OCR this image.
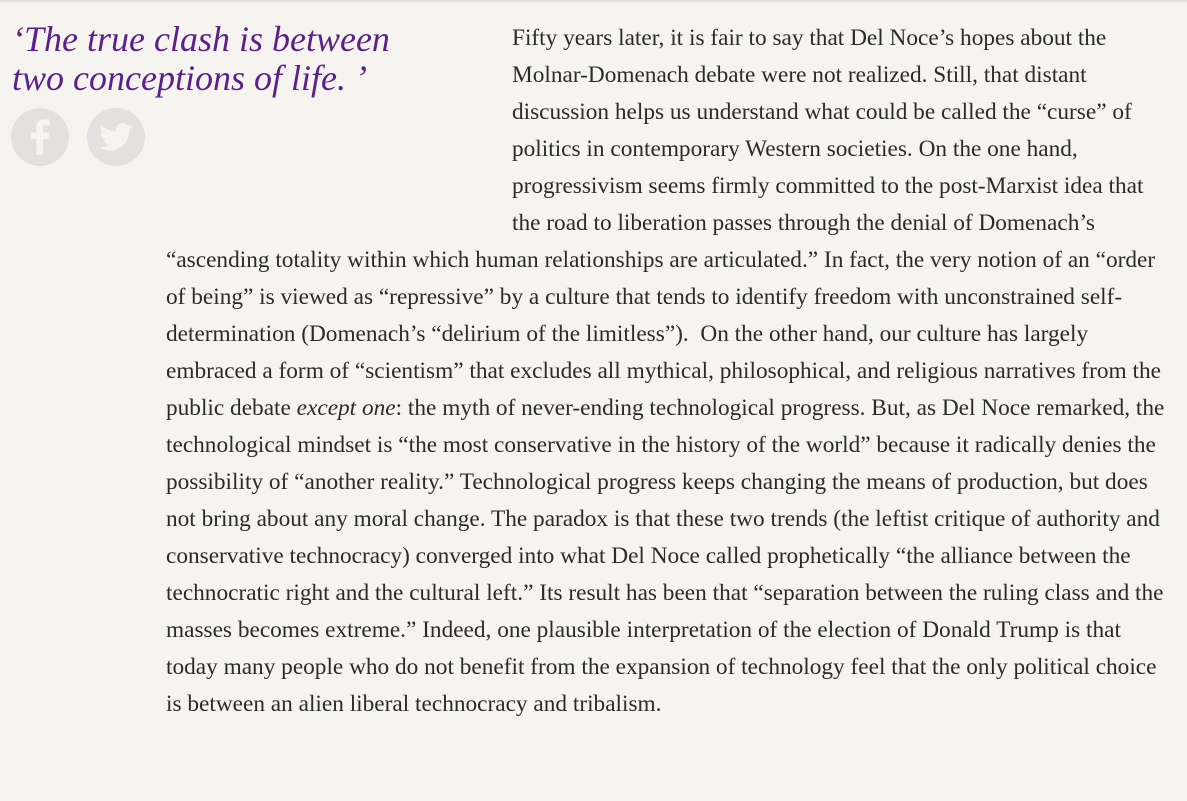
‘The true clash is between
two conceptions of life. ’
Fifty years later, it is fair to say that Del Noce’s hopes about the Molnar-Domenach debate were not realized. Still, that distant discussion helps us understand what could be called the “curse” of politics in contemporary Western societies. On the one hand, progressivism seems firmly committed to the post-Marxist idea that the road to liberation passes through the denial of Domenach’s “ascending totality within which human relationships are articulated.” In fact, the very notion of an “order of being” is viewed as “repressive” by a culture that tends to identify freedom with unconstrained self-determination (Domenach’s “delirium of the limitless”).  On the other hand, our culture has largely embraced a form of “scientism” that excludes all mythical, philosophical, and religious narratives from the public debate except one: the myth of never-ending technological progress. But, as Del Noce remarked, the technological mindset is “the most conservative in the history of the world” because it radically denies the possibility of “another reality.” Technological progress keeps changing the means of production, but does not bring about any moral change. The paradox is that these two trends (the leftist critique of authority and conservative technocracy) converged into what Del Noce called prophetically “the alliance between the technocratic right and the cultural left.” Its result has been that “separation between the ruling class and the masses becomes extreme.” Indeed, one plausible interpretation of the election of Donald Trump is that today many people who do not benefit from the expansion of technology feel that the only political choice is between an alien liberal technocracy and tribalism.
